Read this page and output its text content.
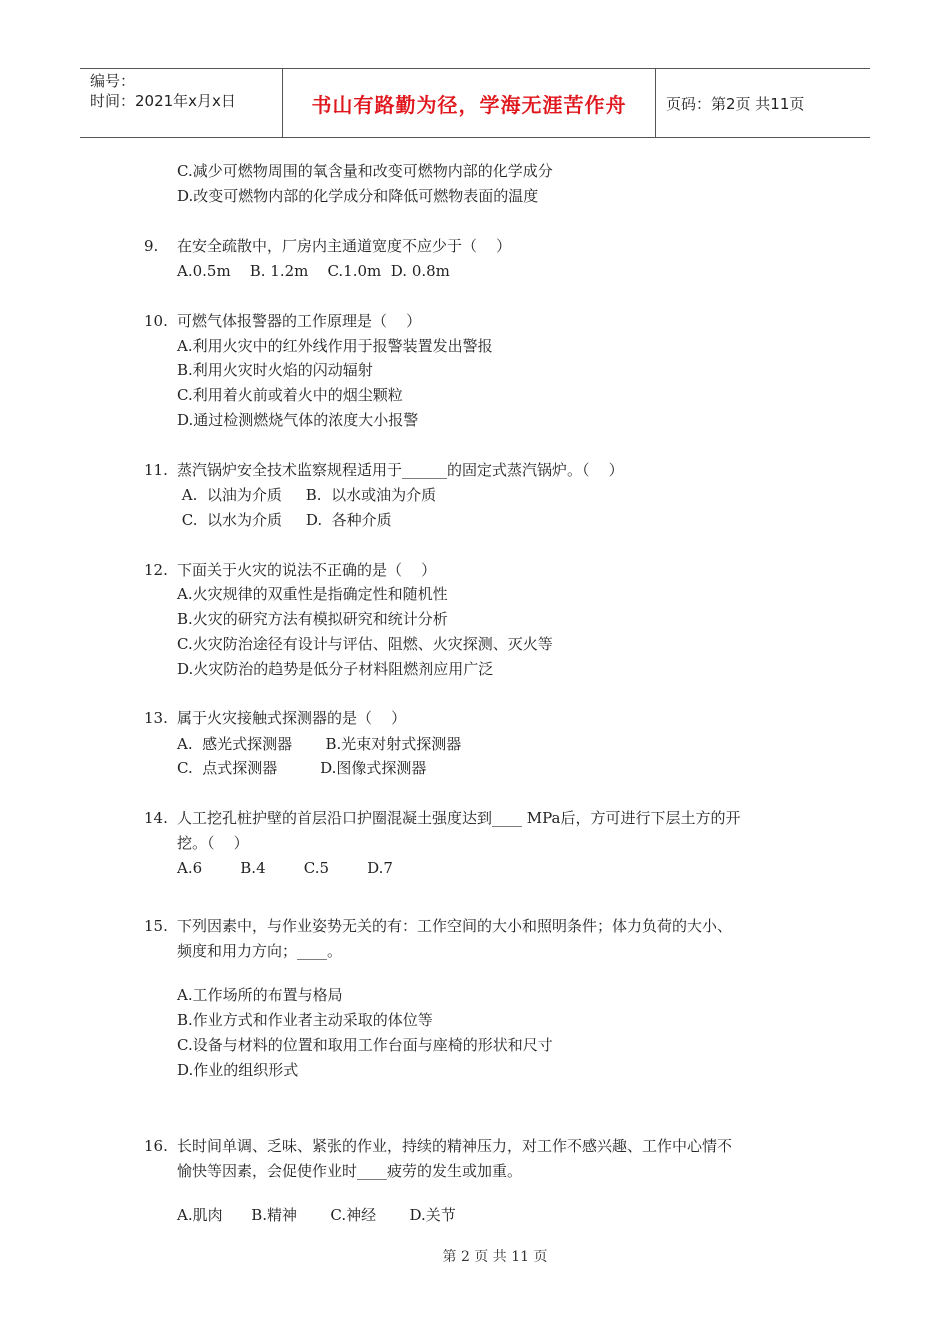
编号：
时间：2021年x月x日	书山有路勤为径，学海无涯苦作舟	页码：第2页 共11页
C.减少可燃物周围的氧含量和改变可燃物内部的化学成分
D.改变可燃物内部的化学成分和降低可燃物表面的温度
9. 在安全疏散中，厂房内主通道宽度不应少于（    ）
A.0.5m    B. 1.2m    C.1.0m  D. 0.8m
10. 可燃气体报警器的工作原理是（    ）
A.利用火灾中的红外线作用于报警装置发出警报
B.利用火灾时火焰的闪动辐射
C.利用着火前或着火中的烟尘颗粒
D.通过检测燃烧气体的浓度大小报警
11. 蒸汽锅炉安全技术监察规程适用于______的固定式蒸汽锅炉。（    ）
A.  以油为介质     B.  以水或油为介质
C.  以水为介质     D.  各种介质
12. 下面关于火灾的说法不正确的是（    ）
A.火灾规律的双重性是指确定性和随机性
B.火灾的研究方法有模拟研究和统计分析
C.火灾防治途径有设计与评估、阻燃、火灾探测、灭火等
D.火灾防治的趋势是低分子材料阻燃剂应用广泛
13. 属于火灾接触式探测器的是（    ）
A.  感光式探测器       B.光束对射式探测器
C.  点式探测器         D.图像式探测器
14. 人工挖孔桩护壁的首层沿口护圈混凝土强度达到____ MPa后，方可进行下层土方的开
挖。（    ）
A.6        B.4        C.5        D.7
15. 下列因素中，与作业姿势无关的有：工作空间的大小和照明条件；体力负荷的大小、
频度和用力方向；____。
A.工作场所的布置与格局
B.作业方式和作业者主动采取的体位等
C.设备与材料的位置和取用工作台面与座椅的形状和尺寸
D.作业的组织形式
16. 长时间单调、乏味、紧张的作业，持续的精神压力，对工作不感兴趣、工作中心情不
愉快等因素，会促使作业时____疲劳的发生或加重。
A.肌肉      B.精神       C.神经       D.关节
第 2 页 共 11 页
